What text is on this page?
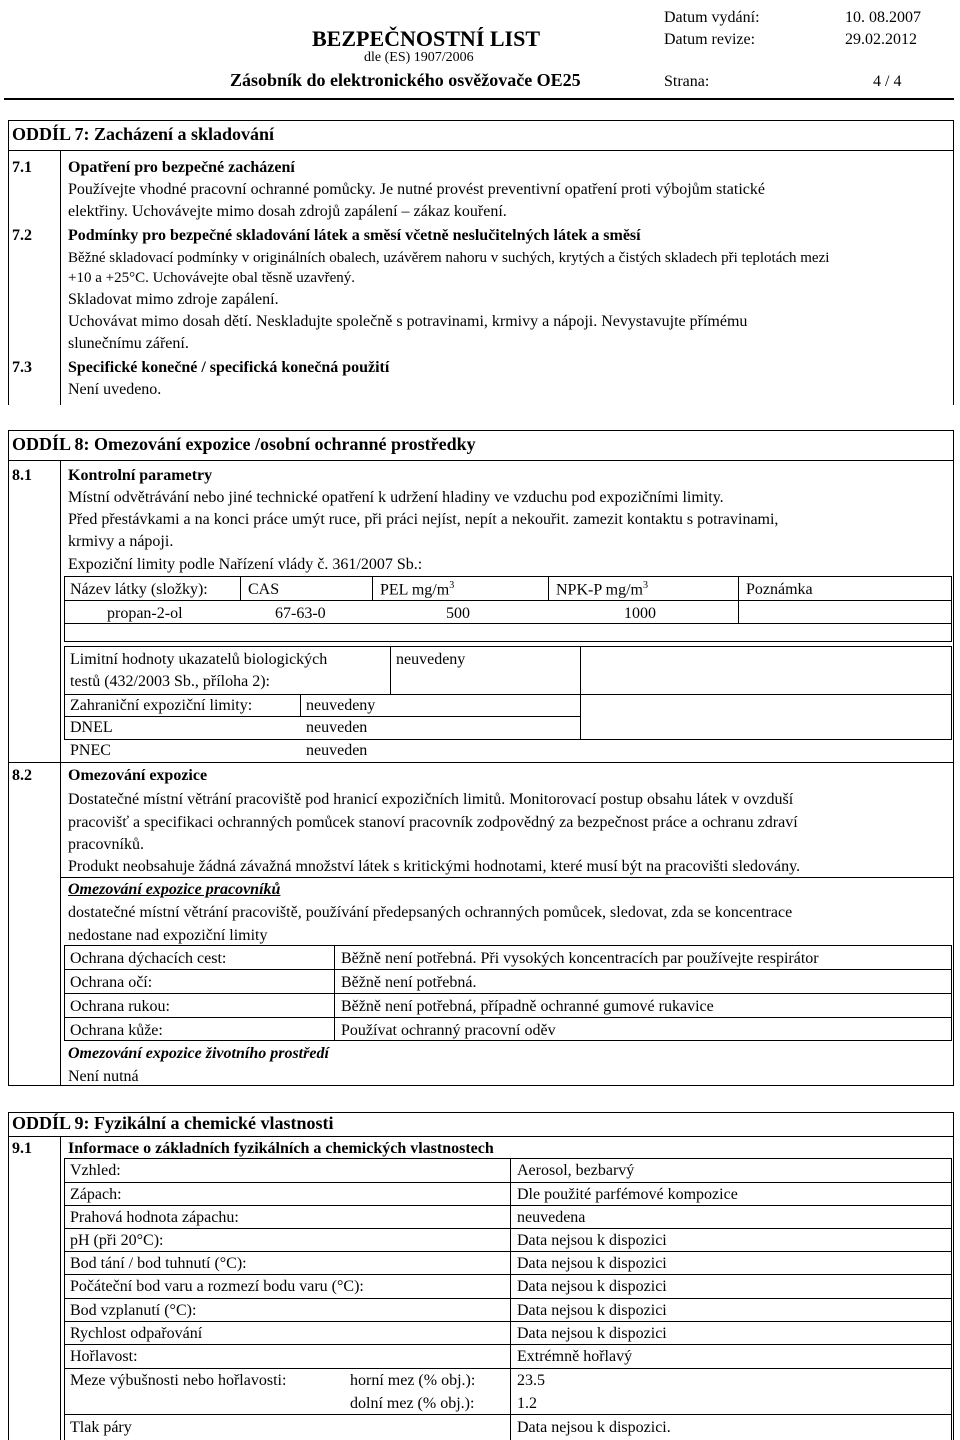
BEZPEČNOSTNÍ LIST
dle (ES) 1907/2006
Zásobník do elektronického osvěžovače OE25
Datum vydání:	10. 08.2007
Datum revize:	29.02.2012
Strana:	4 / 4
ODDÍL 7: Zacházení a skladování
7.1 Opatření pro bezpečné zacházení
Používejte vhodné pracovní ochranné pomůcky. Je nutné provést preventivní opatření proti výbojům statické
elektřiny. Uchovávejte mimo dosah zdrojů zapálení – zákaz kouření.
7.2 Podmínky pro bezpečné skladování látek a směsí včetně neslučitelných látek a směsí
Běžné skladovací podmínky v originálních obalech, uzávěrem nahoru v suchých, krytých a čistých skladech při teplotách mezi
+10 a +25°C. Uchovávejte obal těsně uzavřený.
Skladovat mimo zdroje zapálení.
Uchovávat mimo dosah dětí. Neskladujte společně s potravinami, krmivy a nápoji. Nevystavujte přímému
slunečnímu záření.
7.3 Specifické konečné / specifická konečná použití
Není uvedeno.
ODDÍL 8: Omezování expozice /osobní ochranné prostředky
8.1 Kontrolní parametry
Místní odvětrávání nebo jiné technické opatření k udržení hladiny ve vzduchu pod expozičními limity.
Před přestávkami a na konci práce umýt ruce, při práci nejíst, nepít a nekouřit. zamezit kontaktu s potravinami,
krmivy a nápoji.
Expoziční limity podle Nařízení vlády č. 361/2007 Sb.:
Název látky (složky):	CAS	PEL $mg/m^3$	NPK-P $mg/m^3$	Poznámka
propan-2-ol	67-63-0	500	1000
Limitní hodnoty ukazatelů biologických
testů (432/2003 Sb., příloha 2):
neuvedeny
Zahraniční expoziční limity:	neuvedeny
DNEL	neuveden
PNEC	neuveden
8.2 Omezování expozice
Dostatečné místní větrání pracoviště pod hranicí expozičních limitů. Monitorovací postup obsahu látek v ovzduší
pracovišť a specifikaci ochranných pomůcek stanoví pracovník zodpovědný za bezpečnost práce a ochranu zdraví
pracovníků.
Produkt neobsahuje žádná závažná množství látek s kritickými hodnotami, které musí být na pracovišti sledovány.
Omezování expozice pracovníků
dostatečné místní větrání pracoviště, používání předepsaných ochranných pomůcek, sledovat, zda se koncentrace
nedostane nad expoziční limity
Ochrana dýchacích cest:	Běžně není potřebná. Při vysokých koncentracích par používejte respirátor
Ochrana očí:	Běžně není potřebná.
Ochrana rukou:	Běžně není potřebná, případně ochranné gumové rukavice
Ochrana kůže:	Používat ochranný pracovní oděv
Omezování expozice životního prostředí
Není nutná
ODDÍL 9: Fyzikální a chemické vlastnosti
9.1 Informace o základních fyzikálních a chemických vlastnostech
Vzhled:	Aerosol, bezbarvý
Zápach:	Dle použité parfémové kompozice
Prahová hodnota zápachu:	neuvedena
pH (při 20°C):	Data nejsou k dispozici
Bod tání / bod tuhnutí (°C):	Data nejsou k dispozici
Počáteční bod varu a rozmezí bodu varu (°C):	Data nejsou k dispozici
Bod vzplanutí (°C):	Data nejsou k dispozici
Rychlost odpařování	Data nejsou k dispozici
Hořlavost:	Extrémně hořlavý
Meze výbušnosti nebo hořlavosti:	horní mez (% obj.):	23.5
dolní mez (% obj.):	1.2
Tlak páry	Data nejsou k dispozici.
